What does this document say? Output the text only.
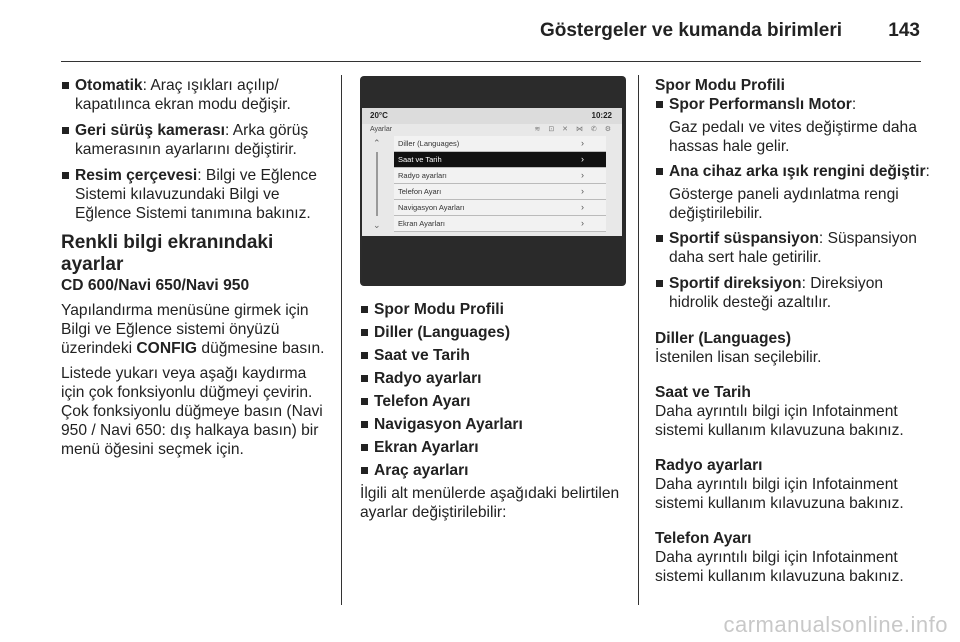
Göstergeler ve kumanda birimleri 143
Otomatik: Araç ışıkları açılıp/ kapatılınca ekran modu değişir.
Geri sürüş kamerası: Arka görüş kamerasının ayarlarını değiştirir.
Resim çerçevesi: Bilgi ve Eğlence Sistemi kılavuzundaki Bilgi ve Eğlence Sistemi tanımına bakınız.
Renkli bilgi ekranındaki ayarlar
CD 600/Navi 650/Navi 950

Yapılandırma menüsüne girmek için Bilgi ve Eğlence sistemi önyüzü üzerindeki CONFIG düğmesine basın.

Listede yukarı veya aşağı kaydırma için çok fonksiyonlu düğmeyi çevirin. Çok fonksiyonlu düğmeye basın (Navi 950 / Navi 650: dış halkaya basın) bir menü öğesini seçmek için.

20°C	10:22
Ayarlar	≋ ⊡ ✕ ⋈ ✆ ⚙
⌃
⌄
Diller (Languages)	›
Saat ve Tarih	›
Radyo ayarları	›
Telefon Ayarı	›
Navigasyon Ayarları	›
Ekran Ayarları	›
Spor Modu Profili
Diller (Languages)
Saat ve Tarih
Radyo ayarları
Telefon Ayarı
Navigasyon Ayarları
Ekran Ayarları
Araç ayarları

İlgili alt menülerde aşağıdaki belirtilen ayarlar değiştirilebilir:

Spor Modu Profili
Spor Performanslı Motor:
Gaz pedalı ve vites değiştirme daha hassas hale gelir.
Ana cihaz arka ışık rengini değiştir:
Gösterge paneli aydınlatma rengi değiştirilebilir.
Sportif süspansiyon: Süspansiyon daha sert hale getirilir.
Sportif direksiyon: Direksiyon hidrolik desteği azaltılır.
Diller (Languages)

İstenilen lisan seçilebilir.

Saat ve Tarih

Daha ayrıntılı bilgi için Infotainment sistemi kullanım kılavuzuna bakınız.

Radyo ayarları

Daha ayrıntılı bilgi için Infotainment sistemi kullanım kılavuzuna bakınız.

Telefon Ayarı

Daha ayrıntılı bilgi için Infotainment sistemi kullanım kılavuzuna bakınız.

carmanualsonline.info
